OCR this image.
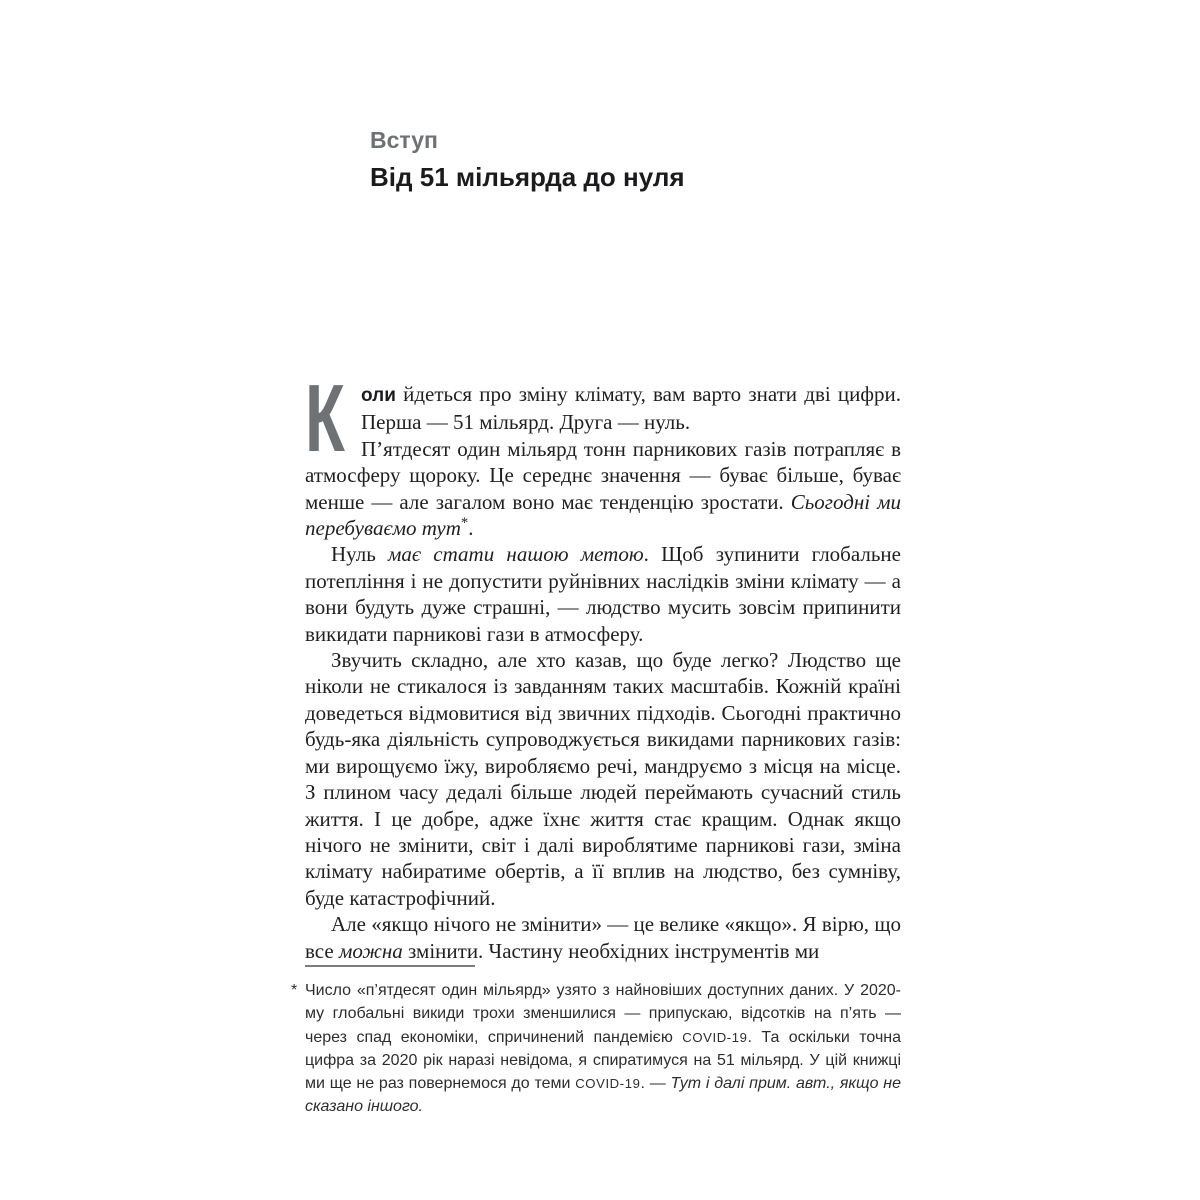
Вступ
Від 51 мільярда до нуля
К оли йдеться про зміну клімату, вам варто знати дві цифри. Перша — 51 мільярд. Друга — нуль.

П’ятдесят один мільярд тонн парникових газів потрапляє в атмосферу щороку. Це середнє значення — буває більше, буває менше — але загалом воно має тенденцію зростати. Сьогодні ми перебуваємо тут*.

Нуль має стати нашою метою. Щоб зупинити глобальне потепління і не допустити руйнівних наслідків зміни клімату — а вони будуть дуже страшні, — людство мусить зовсім припинити викидати парникові гази в атмосферу.

Звучить складно, але хто казав, що буде легко? Людство ще ніколи не стикалося із завданням таких масштабів. Кожній країні доведеться відмовитися від звичних підходів. Сьогодні практично будь-яка діяльність супроводжується викидами парникових газів: ми вирощуємо їжу, виробляємо речі, мандруємо з місця на місце. З плином часу дедалі більше людей переймають сучасний стиль життя. І це добре, адже їхнє життя стає кращим. Однак якщо нічого не змінити, світ і далі вироблятиме парникові гази, зміна клімату набиратиме обертів, а її вплив на людство, без сумніву, буде катастрофічний.

Але «якщо нічого не змінити» — це велике «якщо». Я вірю, що все можна змінити. Частину необхідних інструментів ми

* Число «п’ятдесят один мільярд» узято з найновіших доступних даних. У 2020-му глобальні викиди трохи зменшилися — припускаю, відсотків на п’ять — через спад економіки, спричинений пандемією COVID-19. Та оскільки точна цифра за 2020 рік наразі невідома, я спиратимуся на 51 мільярд. У цій книжці ми ще не раз повернемося до теми COVID-19. — Тут і далі прим. авт., якщо не сказано іншого.
